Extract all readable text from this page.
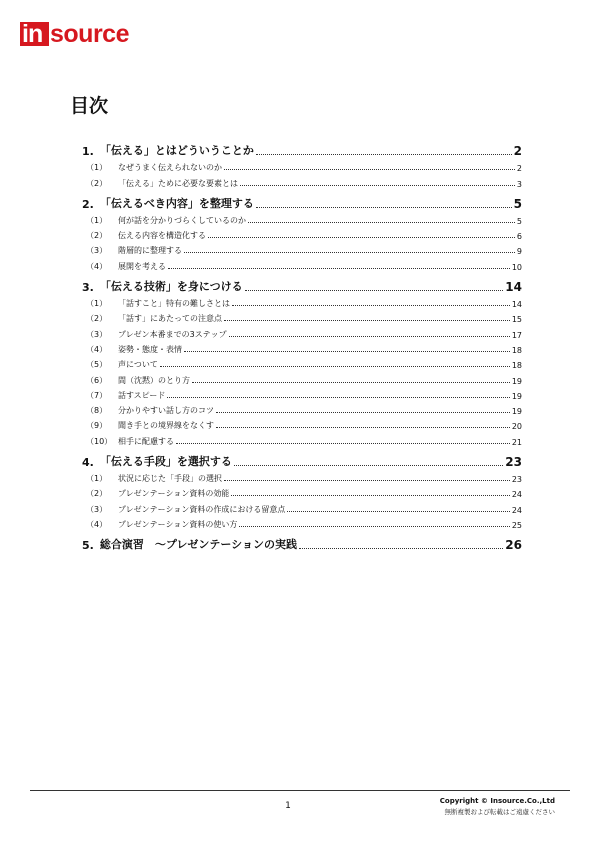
in source
目次
1. 「伝える」とはどういうことか	2
（1）	なぜうまく伝えられないのか	2
（2）	「伝える」ために必要な要素とは	3
2. 「伝えるべき内容」を整理する	5
（1）	何が話を分かりづらくしているのか	5
（2）	伝える内容を構造化する	6
（3）	階層的に整理する	9
（4）	展開を考える	10
3. 「伝える技術」を身につける	14
（1）	「話すこと」特有の難しさとは	14
（2）	「話す」にあたっての注意点	15
（3）	プレゼン本番までの3ステップ	17
（4）	姿勢・態度・表情	18
（5）	声について	18
（6）	間（沈黙）のとり方	19
（7）	話すスピード	19
（8）	分かりやすい話し方のコツ	19
（9）	聞き手との境界線をなくす	20
（10） 相手に配慮する	21
4. 「伝える手段」を選択する	23
（1）	状況に応じた「手段」の選択	23
（2）	プレゼンテーション資料の効能	24
（3）	プレゼンテーション資料の作成における留意点	24
（4）	プレゼンテーション資料の使い方	25
5. 総合演習　～プレゼンテーションの実践	26
1	Copyright © Insource.Co.,Ltd
無断複製および転載はご遠慮ください
